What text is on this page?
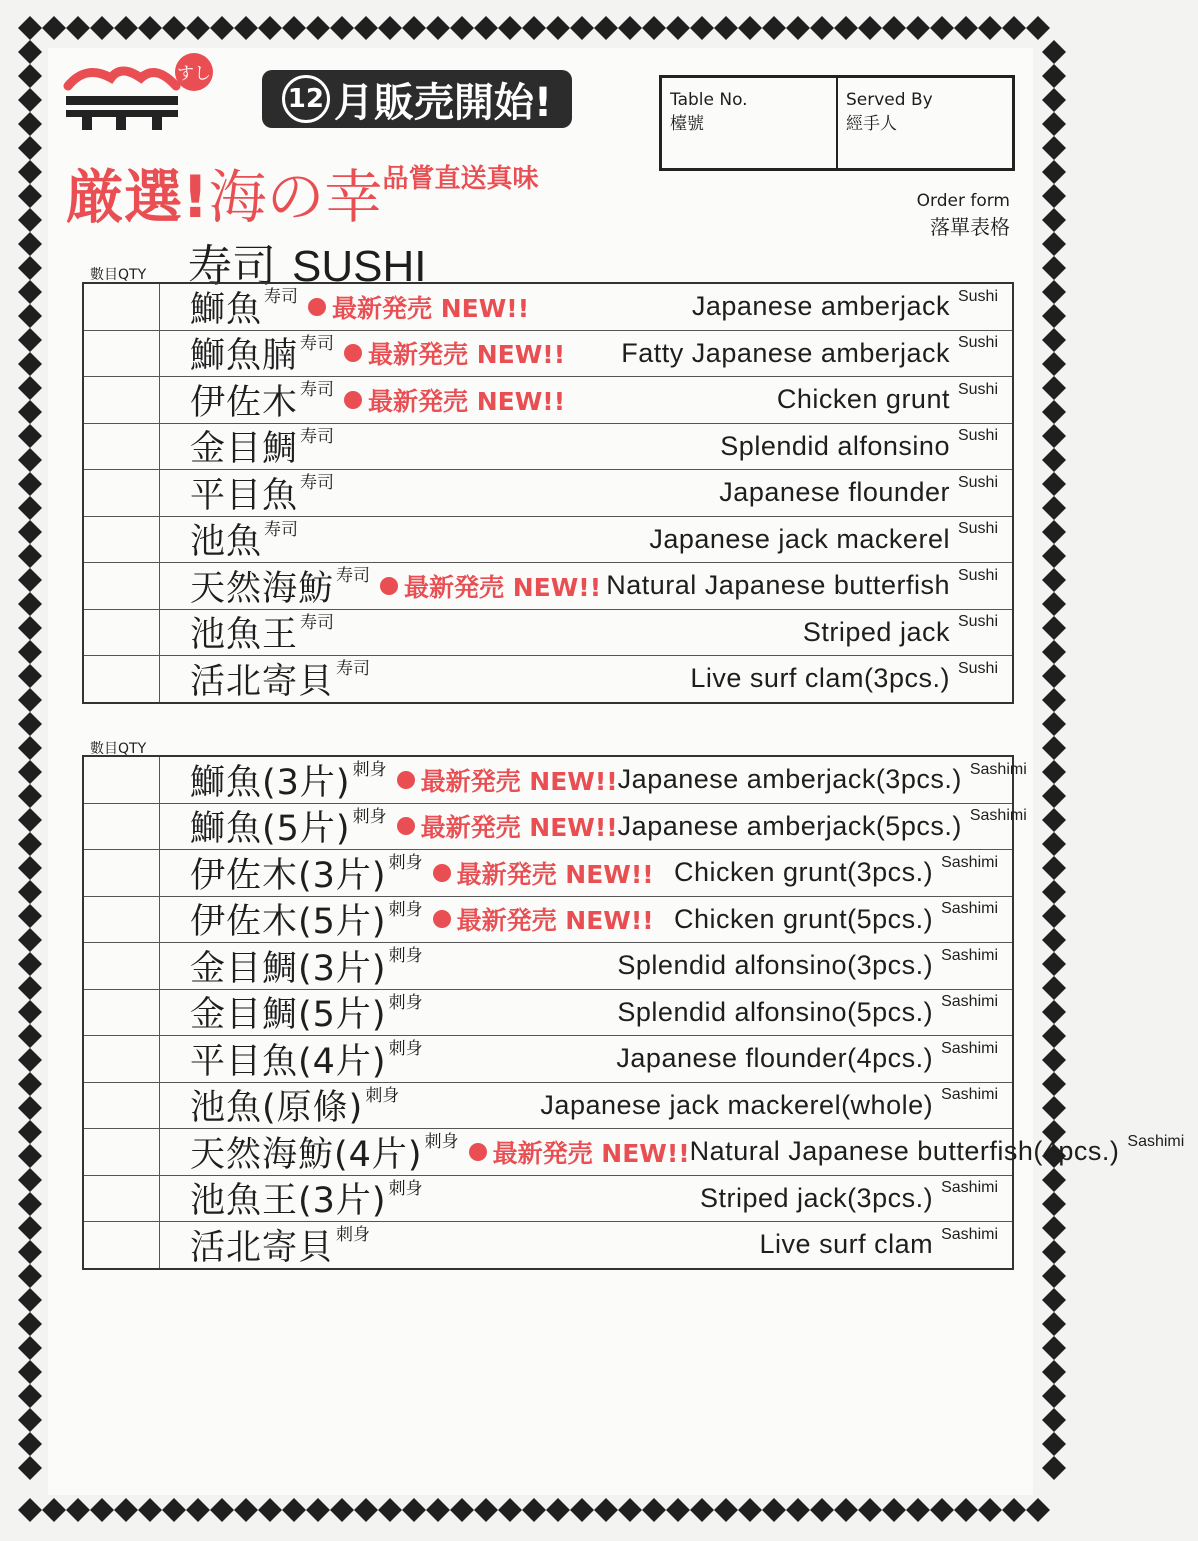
すし
12 月販売開始!
厳選!海の幸品嘗直送真味
Table No.
檯號
Served By
經手人
Order form
落單表格
數目QTY 寿司 SUSHI
鰤魚 寿司 最新発売 NEW!!	Japanese amberjack Sushi
鰤魚腩 寿司 最新発売 NEW!! Fatty Japanese amberjack Sushi
伊佐木 寿司 最新発売 NEW!!	Chicken grunt Sushi
金目鯛 寿司	Splendid alfonsino Sushi
平目魚 寿司	Japanese flounder Sushi
池魚 寿司	Japanese jack mackerel Sushi
天然海魴 寿司 最新発売 NEW!! Natural Japanese butterfish Sushi
池魚王 寿司	Striped jack Sushi
活北寄貝 寿司	Live surf clam(3pcs.) Sushi
數目QTY
鰤魚(3片) 刺身 最新発売 NEW!! Japanese amberjack(3pcs.) Sashimi
鰤魚(5片) 刺身 最新発売 NEW!! Japanese amberjack(5pcs.) Sashimi
伊佐木(3片) 刺身 最新発売 NEW!! Chicken grunt(3pcs.) Sashimi
伊佐木(5片) 刺身 最新発売 NEW!! Chicken grunt(5pcs.) Sashimi
金目鯛(3片) 刺身	Splendid alfonsino(3pcs.) Sashimi
金目鯛(5片) 刺身	Splendid alfonsino(5pcs.) Sashimi
平目魚(4片) 刺身	Japanese flounder(4pcs.) Sashimi
池魚(原條) 刺身	Japanese jack mackerel(whole) Sashimi
天然海魴(4片) 刺身 最新発売 NEW!! Natural Japanese butterfish(4pcs.) Sashimi
池魚王(3片) 刺身	Striped jack(3pcs.) Sashimi
活北寄貝 刺身	Live surf clam Sashimi
